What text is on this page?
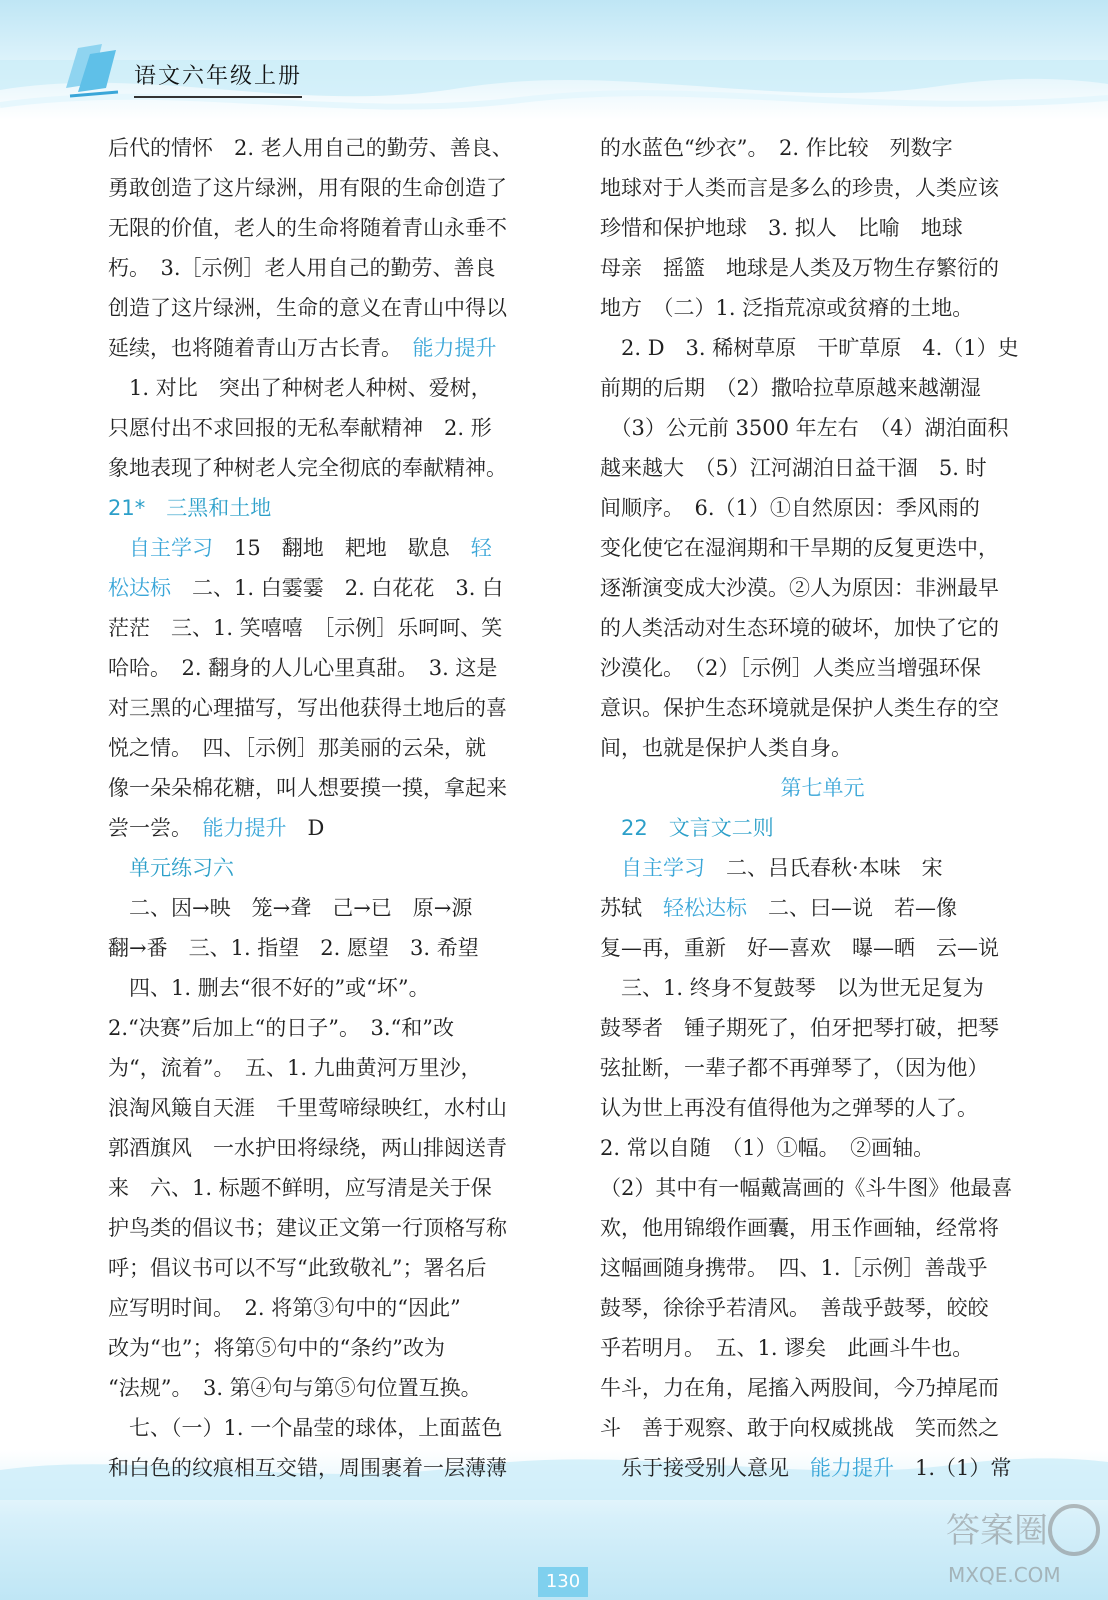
语文六年级上册
后代的情怀　2. 老人用自己的勤劳、善良、
勇敢创造了这片绿洲，用有限的生命创造了
无限的价值，老人的生命将随着青山永垂不
朽。　3.［示例］老人用自己的勤劳、善良
创造了这片绿洲，生命的意义在青山中得以
延续，也将随着青山万古长青。　能力提升
　1. 对比　突出了种树老人种树、爱树，
只愿付出不求回报的无私奉献精神　2. 形
象地表现了种树老人完全彻底的奉献精神。
21*　三黑和土地
　自主学习　15　翻地　耙地　歇息　轻
松达标　二、1. 白霎霎　2. 白花花　3. 白
茫茫　三、1. 笑嘻嘻　［示例］乐呵呵、笑
哈哈。　2. 翻身的人儿心里真甜。　3. 这是
对三黑的心理描写，写出他获得土地后的喜
悦之情。　四、［示例］那美丽的云朵，就
像一朵朵棉花糖，叫人想要摸一摸，拿起来
尝一尝。　能力提升　D
　单元练习六
　二、因→映　笼→聋　己→已　原→源
翻→番　三、1. 指望　2. 愿望　3. 希望
　四、1. 删去“很不好的”或“坏”。
2.“决赛”后加上“的日子”。　3.“和”改
为“，流着”。　五、1. 九曲黄河万里沙，
浪淘风簸自天涯　千里莺啼绿映红，水村山
郭酒旗风　一水护田将绿绕，两山排闼送青
来　六、1. 标题不鲜明，应写清是关于保
护鸟类的倡议书；建议正文第一行顶格写称
呼；倡议书可以不写“此致敬礼”；署名后
应写明时间。　2. 将第③句中的“因此”
改为“也”；将第⑤句中的“条约”改为
“法规”。　3. 第④句与第⑤句位置互换。
　七、（一）1. 一个晶莹的球体，上面蓝色
和白色的纹痕相互交错，周围裹着一层薄薄
的水蓝色“纱衣”。　2. 作比较　列数字
地球对于人类而言是多么的珍贵，人类应该
珍惜和保护地球　3. 拟人　比喻　地球
母亲　摇篮　地球是人类及万物生存繁衍的
地方　（二）1. 泛指荒凉或贫瘠的土地。
　2. D　3. 稀树草原　干旷草原　4.（1）史
前期的后期　（2）撒哈拉草原越来越潮湿
　（3）公元前 3500 年左右　（4）湖泊面积
越来越大　（5）江河湖泊日益干涸　5. 时
间顺序。　6.（1）①自然原因：季风雨的
变化使它在湿润期和干旱期的反复更迭中，
逐渐演变成大沙漠。②人为原因：非洲最早
的人类活动对生态环境的破坏，加快了它的
沙漠化。　（2）［示例］人类应当增强环保
意识。保护生态环境就是保护人类生存的空
间，也就是保护人类自身。
第七单元
　22　文言文二则
　自主学习　二、吕氏春秋·本味　宋
苏轼　轻松达标　二、曰—说　若—像
复—再，重新　好—喜欢　曝—晒　云—说
　三、1. 终身不复鼓琴　以为世无足复为
鼓琴者　锺子期死了，伯牙把琴打破，把琴
弦扯断，一辈子都不再弹琴了，（因为他）
认为世上再没有值得他为之弹琴的人了。
2. 常以自随　（1）①幅。　②画轴。
（2）其中有一幅戴嵩画的《斗牛图》他最喜
欢，他用锦缎作画囊，用玉作画轴，经常将
这幅画随身携带。　四、1.［示例］善哉乎
鼓琴，徐徐乎若清风。　善哉乎鼓琴，皎皎
乎若明月。　五、1. 谬矣　此画斗牛也。
牛斗，力在角，尾搐入两股间，今乃掉尾而
斗　善于观察、敢于向权威挑战　笑而然之
　乐于接受别人意见　能力提升　1.（1）常
130
答案圈
MXQE.COM
